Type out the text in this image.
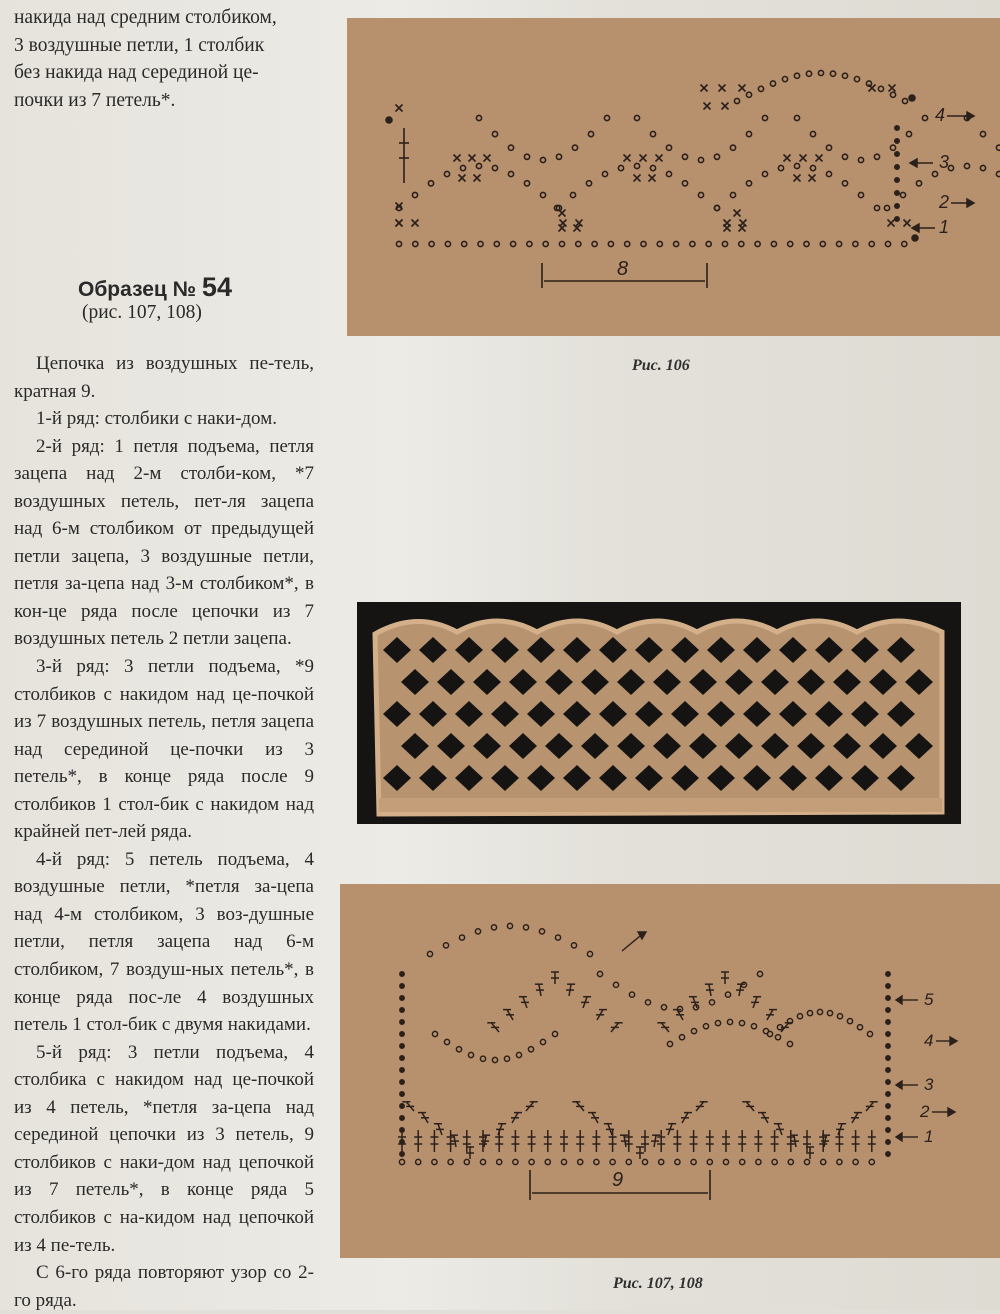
накида над средним столбиком,

3 воздушные петли, 1 столбик

без накида над серединой це-

почки из 7 петель*.

Образец № 54
(рис. 107, 108)

Цепочка из воздушных пе-тель, кратная 9.

1-й ряд: столбики с наки-дом.

2-й ряд: 1 петля подъема, петля зацепа над 2-м столби-ком, *7 воздушных петель, пет-ля зацепа над 6-м столбиком от предыдущей петли зацепа, 3 воздушные петли, петля за-цепа над 3-м столбиком*, в кон-це ряда после цепочки из 7 воздушных петель 2 петли зацепа.

3-й ряд: 3 петли подъема, *9 столбиков с накидом над це-почкой из 7 воздушных петель, петля зацепа над серединой це-почки из 3 петель*, в конце ряда после 9 столбиков 1 стол-бик с накидом над крайней пет-лей ряда.

4-й ряд: 5 петель подъема, 4 воздушные петли, *петля за-цепа над 4-м столбиком, 3 воз-душные петли, петля зацепа над 6-м столбиком, 7 воздуш-ных петель*, в конце ряда пос-ле 4 воздушных петель 1 стол-бик с двумя накидами.

5-й ряд: 3 петли подъема, 4 столбика с накидом над це-почкой из 4 петель, *петля за-цепа над серединой цепочки из 3 петель, 9 столбиков с наки-дом над цепочкой из 7 петель*, в конце ряда 5 столбиков с на-кидом над цепочкой из 4 пе-тель.

С 6-го ряда повторяют узор со 2-го ряда.

8
4
3
2
1
Рис. 106
9
5
4
3
2
1
Рис. 107, 108
